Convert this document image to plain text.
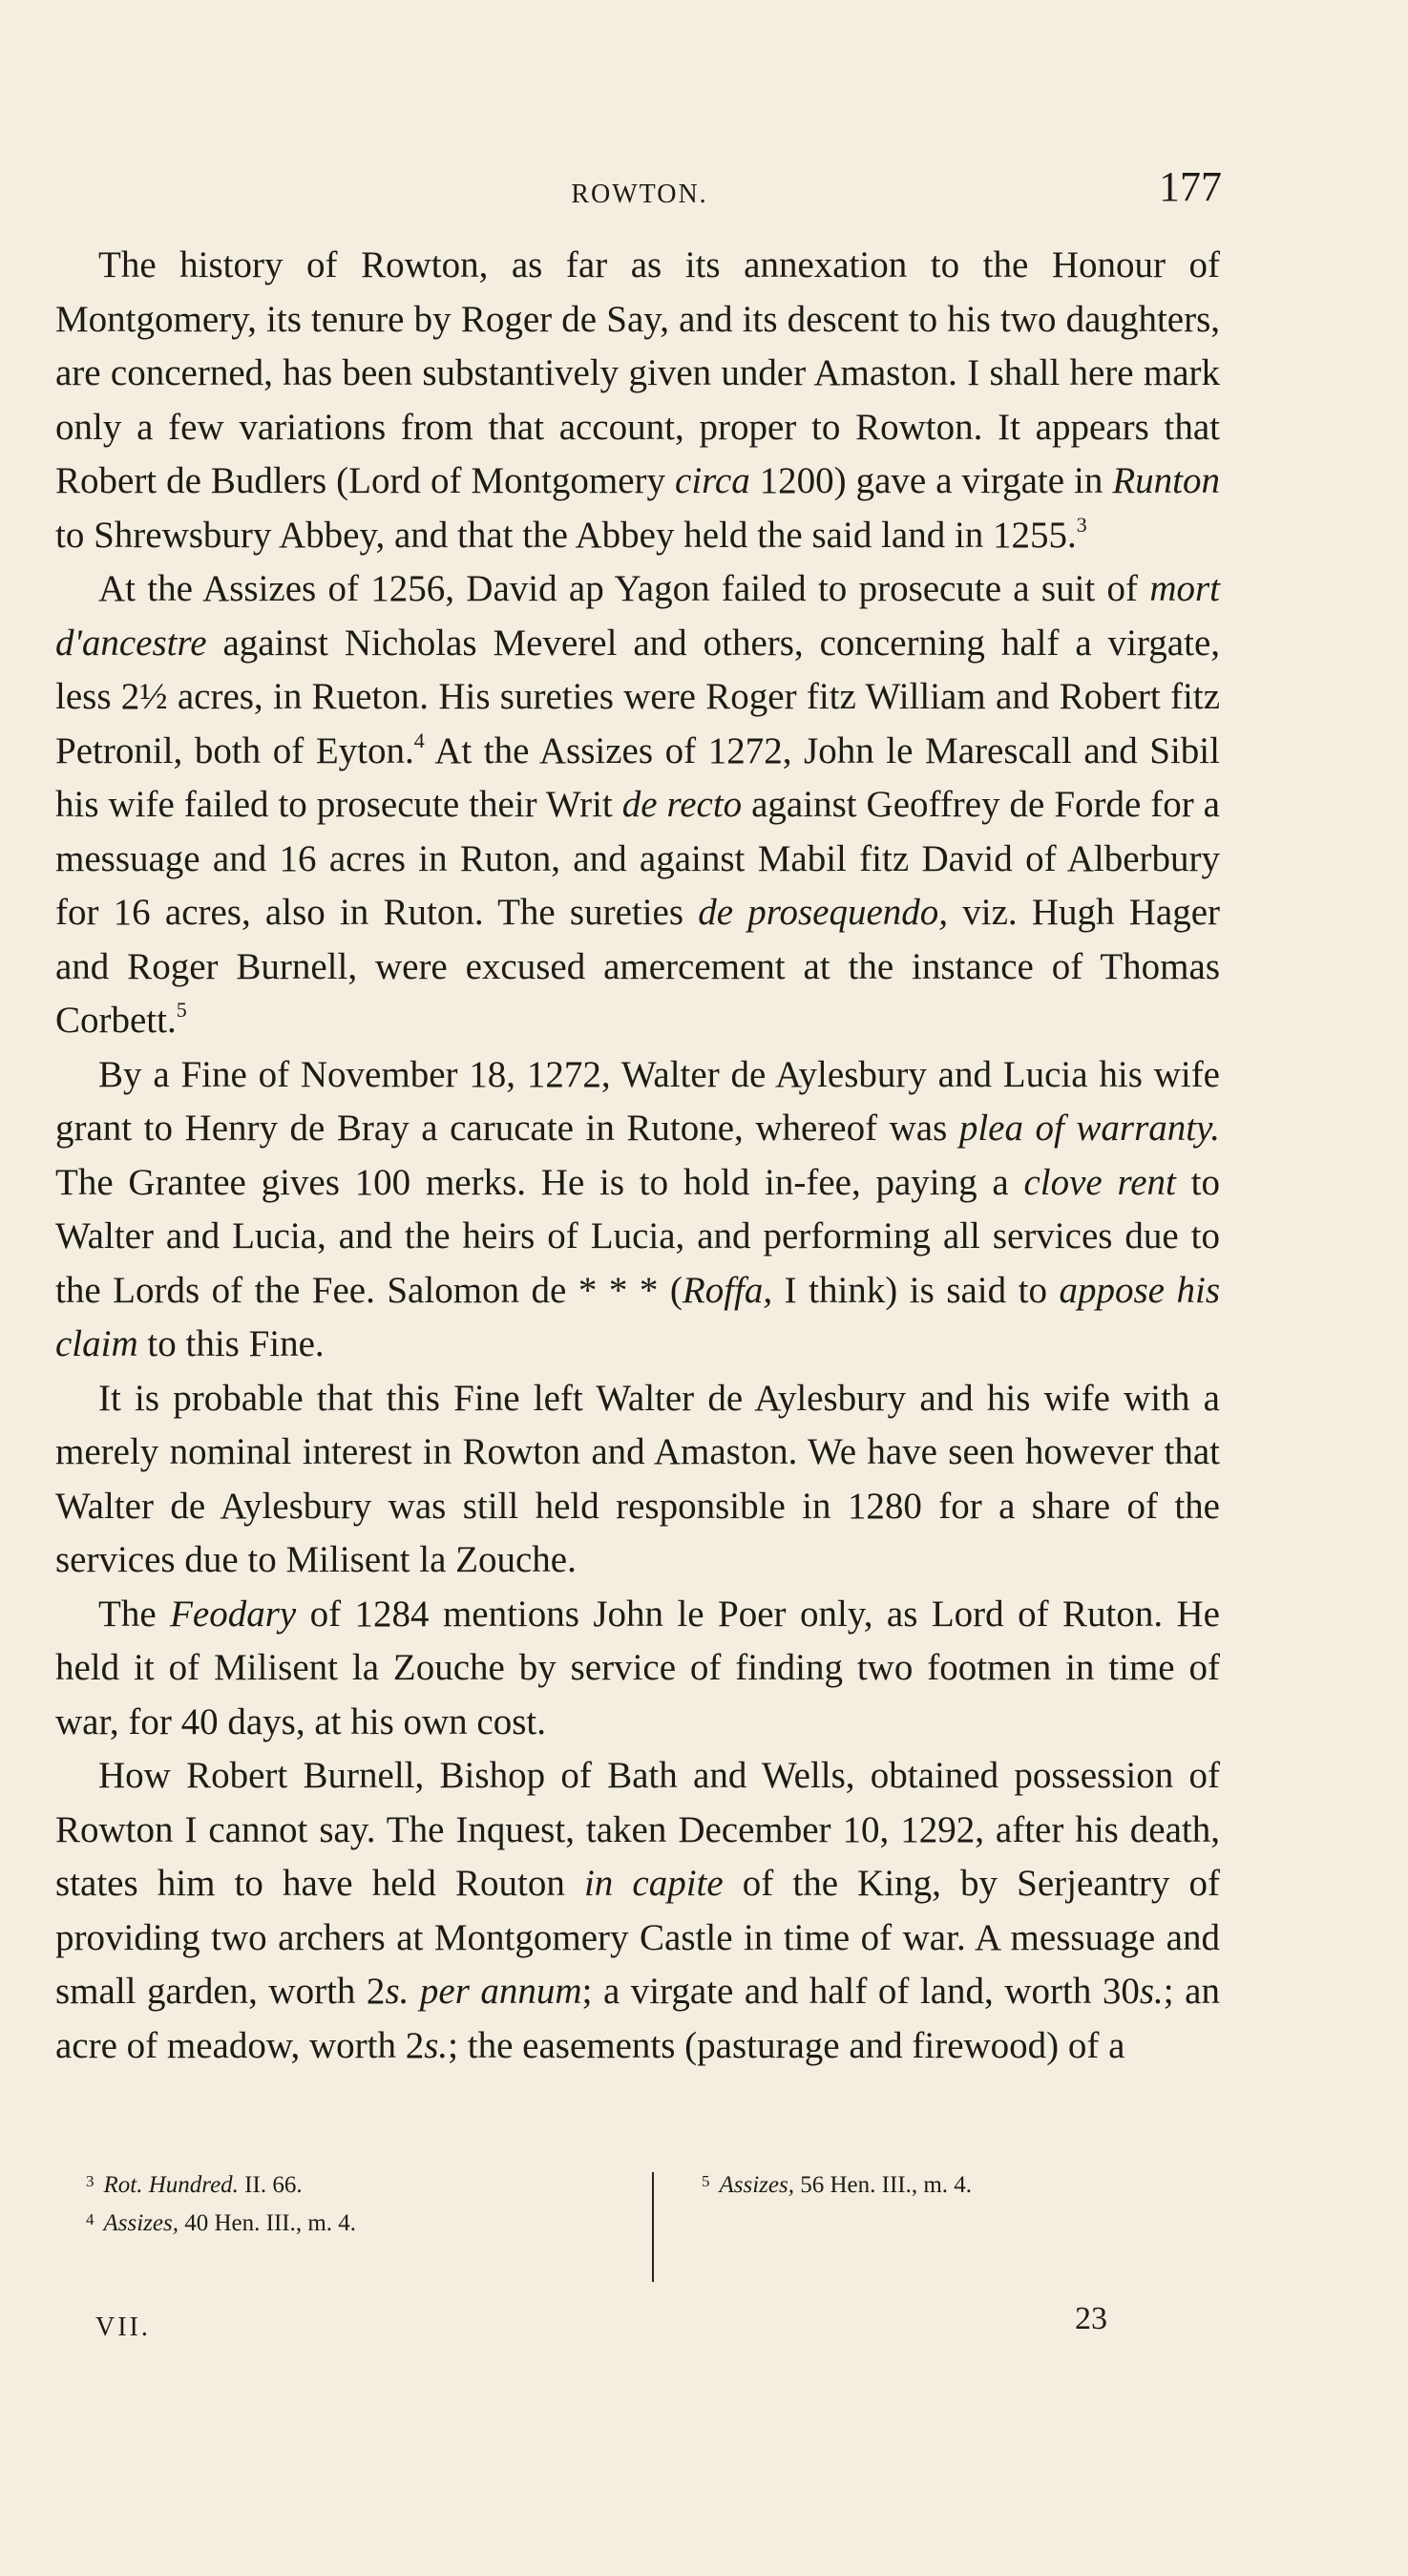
ROWTON.	177

The history of Rowton, as far as its annexation to the Honour of Montgomery, its tenure by Roger de Say, and its descent to his two daughters, are concerned, has been substantively given under Amaston. I shall here mark only a few variations from that account, proper to Rowton. It appears that Robert de Budlers (Lord of Montgomery circa 1200) gave a virgate in Runton to Shrewsbury Abbey, and that the Abbey held the said land in 1255.$^3$

At the Assizes of 1256, David ap Yagon failed to prosecute a suit of mort d'ancestre against Nicholas Meverel and others, concerning half a virgate, less 2½ acres, in Rueton. His sureties were Roger fitz William and Robert fitz Petronil, both of Eyton.$^4$ At the Assizes of 1272, John le Marescall and Sibil his wife failed to prosecute their Writ de recto against Geoffrey de Forde for a messuage and 16 acres in Ruton, and against Mabil fitz David of Alberbury for 16 acres, also in Ruton. The sureties de prosequendo, viz. Hugh Hager and Roger Burnell, were excused amercement at the instance of Thomas Corbett.$^5$

By a Fine of November 18, 1272, Walter de Aylesbury and Lucia his wife grant to Henry de Bray a carucate in Rutone, whereof was plea of warranty. The Grantee gives 100 merks. He is to hold in-fee, paying a clove rent to Walter and Lucia, and the heirs of Lucia, and performing all services due to the Lords of the Fee. Salomon de * * * (Roffa, I think) is said to appose his claim to this Fine.

It is probable that this Fine left Walter de Aylesbury and his wife with a merely nominal interest in Rowton and Amaston. We have seen however that Walter de Aylesbury was still held responsible in 1280 for a share of the services due to Milisent la Zouche.

The Feodary of 1284 mentions John le Poer only, as Lord of Ruton. He held it of Milisent la Zouche by service of finding two footmen in time of war, for 40 days, at his own cost.

How Robert Burnell, Bishop of Bath and Wells, obtained possession of Rowton I cannot say. The Inquest, taken December 10, 1292, after his death, states him to have held Routon in capite of the King, by Serjeantry of providing two archers at Montgomery Castle in time of war. A messuage and small garden, worth 2s. per annum; a virgate and half of land, worth 30s.; an acre of meadow, worth 2s.; the easements (pasturage and firewood) of a

$^3$ Rot. Hundred. II. 66.

$^4$ Assizes, 40 Hen. III., m. 4.

$^5$ Assizes, 56 Hen. III., m. 4.

VII.	23
